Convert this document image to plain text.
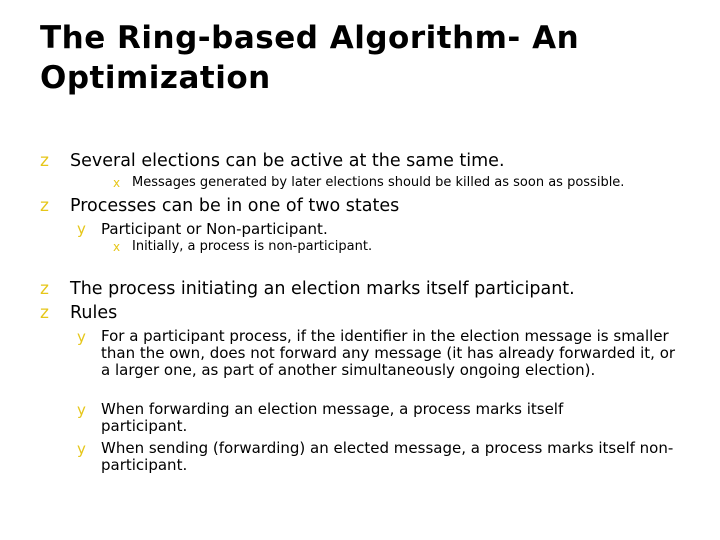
The Ring-based Algorithm- An Optimization
z Several elections can be active at the same time.
x Messages generated by later elections should be killed as soon as possible.
z Processes can be in one of two states
y Participant or Non-participant.
x Initially, a process is non-participant.
z The process initiating an election marks itself participant.
z Rules
y For a participant process, if the identifier in the election message is smaller than the own, does not forward any message (it has already forwarded it, or a larger one, as part of another simultaneously ongoing election).
y When forwarding an election message, a process marks itself participant.
y When sending (forwarding) an elected message, a process marks itself non-participant.
